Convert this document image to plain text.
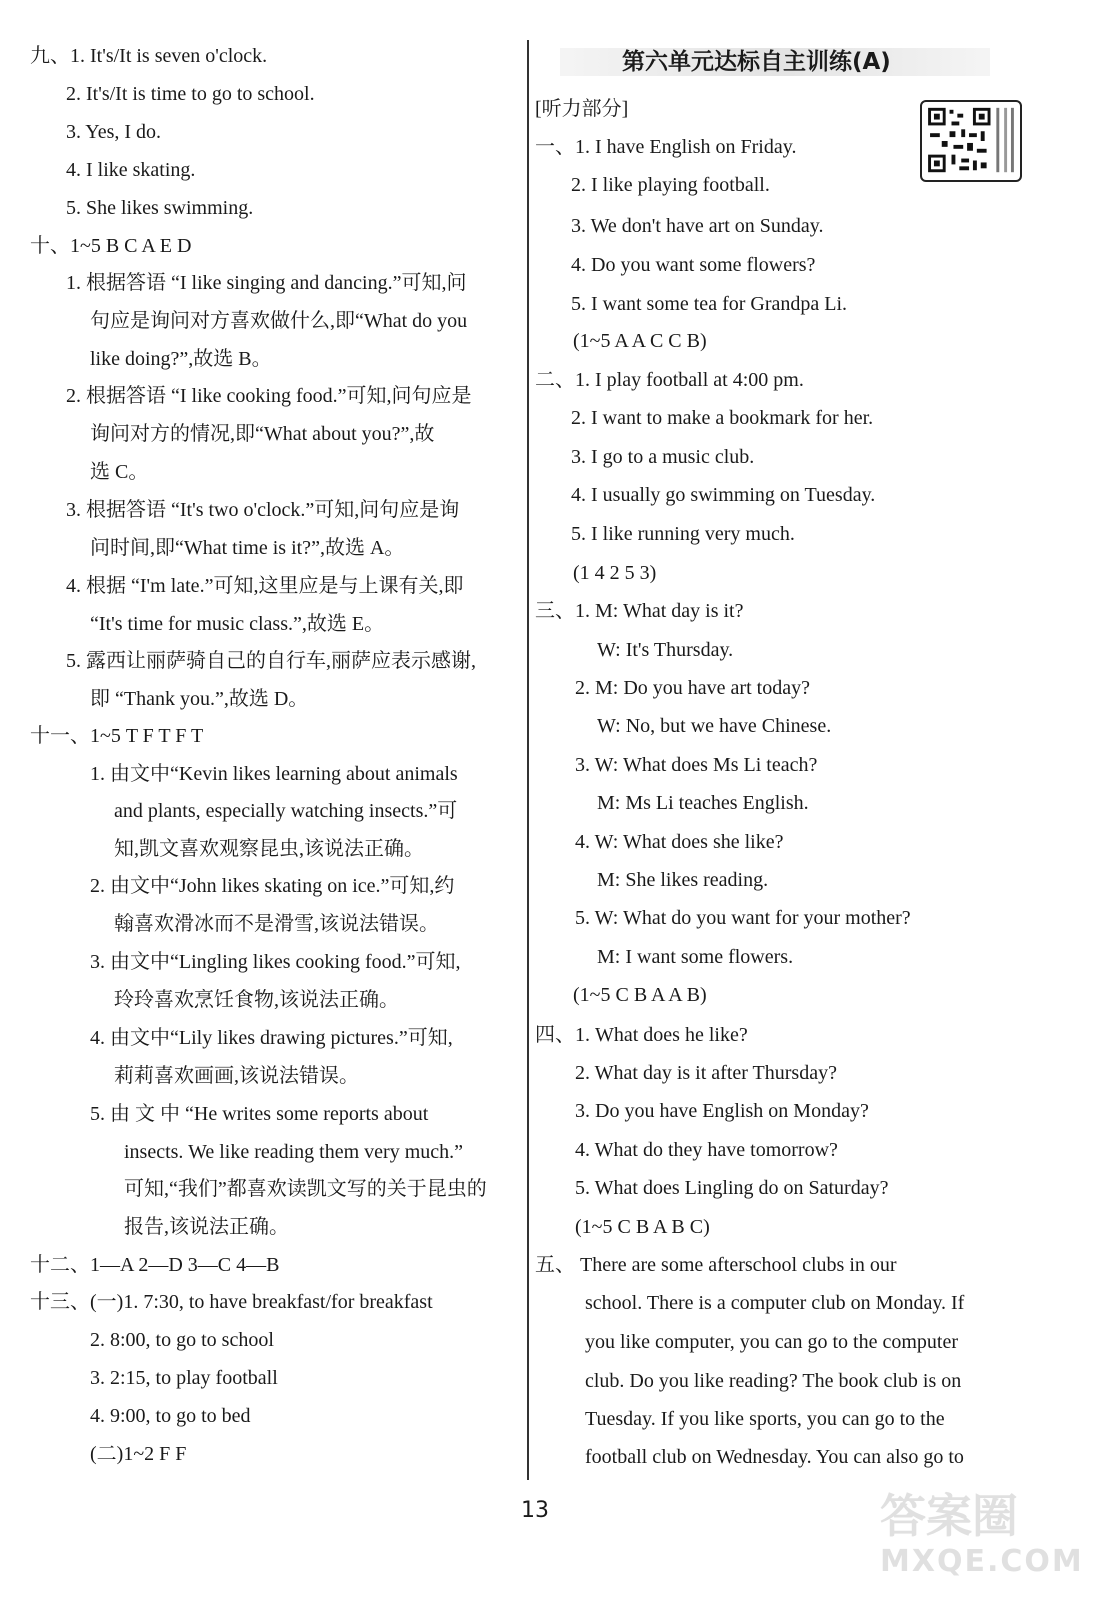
九、1. It's/It is seven o'clock.
2. It's/It is time to go to school.
3. Yes, I do.
4. I like skating.
5. She likes swimming.
十、1~5 B C A E D
1. 根据答语 “I like singing and dancing.”可知,问
句应是询问对方喜欢做什么,即“What do you
like doing?”,故选 B。
2. 根据答语 “I like cooking food.”可知,问句应是
询问对方的情况,即“What about you?”,故
选 C。
3. 根据答语 “It's two o'clock.”可知,问句应是询
问时间,即“What time is it?”,故选 A。
4. 根据 “I'm late.”可知,这里应是与上课有关,即
“It's time for music class.”,故选 E。
5. 露西让丽萨骑自己的自行车,丽萨应表示感谢,
即 “Thank you.”,故选 D。
十一、1~5 T F T F T
1. 由文中“Kevin likes learning about animals
and plants, especially watching insects.”可
知,凯文喜欢观察昆虫,该说法正确。
2. 由文中“John likes skating on ice.”可知,约
翰喜欢滑冰而不是滑雪,该说法错误。
3. 由文中“Lingling likes cooking food.”可知,
玲玲喜欢烹饪食物,该说法正确。
4. 由文中“Lily likes drawing pictures.”可知,
莉莉喜欢画画,该说法错误。
5. 由 文 中 “He writes some reports about
insects. We like reading them very much.”
可知,“我们”都喜欢读凯文写的关于昆虫的
报告,该说法正确。
十二、1—A 2—D 3—C 4—B
十三、(一)1. 7:30, to have breakfast/for breakfast
2. 8:00, to go to school
3. 2:15, to play football
4. 9:00, to go to bed
(二)1~2 F F
[听力部分]
一、1. I have English on Friday.
2. I like playing football.
3. We don't have art on Sunday.
4. Do you want some flowers?
5. I want some tea for Grandpa Li.
(1~5 A A C C B)
二、1. I play football at 4:00 pm.
2. I want to make a bookmark for her.
3. I go to a music club.
4. I usually go swimming on Tuesday.
5. I like running very much.
(1 4 2 5 3)
三、1. M: What day is it?
W: It's Thursday.
2. M: Do you have art today?
W: No, but we have Chinese.
3. W: What does Ms Li teach?
M: Ms Li teaches English.
4. W: What does she like?
M: She likes reading.
5. W: What do you want for your mother?
M: I want some flowers.
(1~5 C B A A B)
四、1. What does he like?
2. What day is it after Thursday?
3. Do you have English on Monday?
4. What do they have tomorrow?
5. What does Lingling do on Saturday?
(1~5 C B A B C)
五、 There are some afterschool clubs in our
school. There is a computer club on Monday. If
you like computer, you can go to the computer
club. Do you like reading? The book club is on
Tuesday. If you like sports, you can go to the
football club on Wednesday. You can also go to
第六单元达标自主训练(A)
13	答案圈
MXQE.COM
